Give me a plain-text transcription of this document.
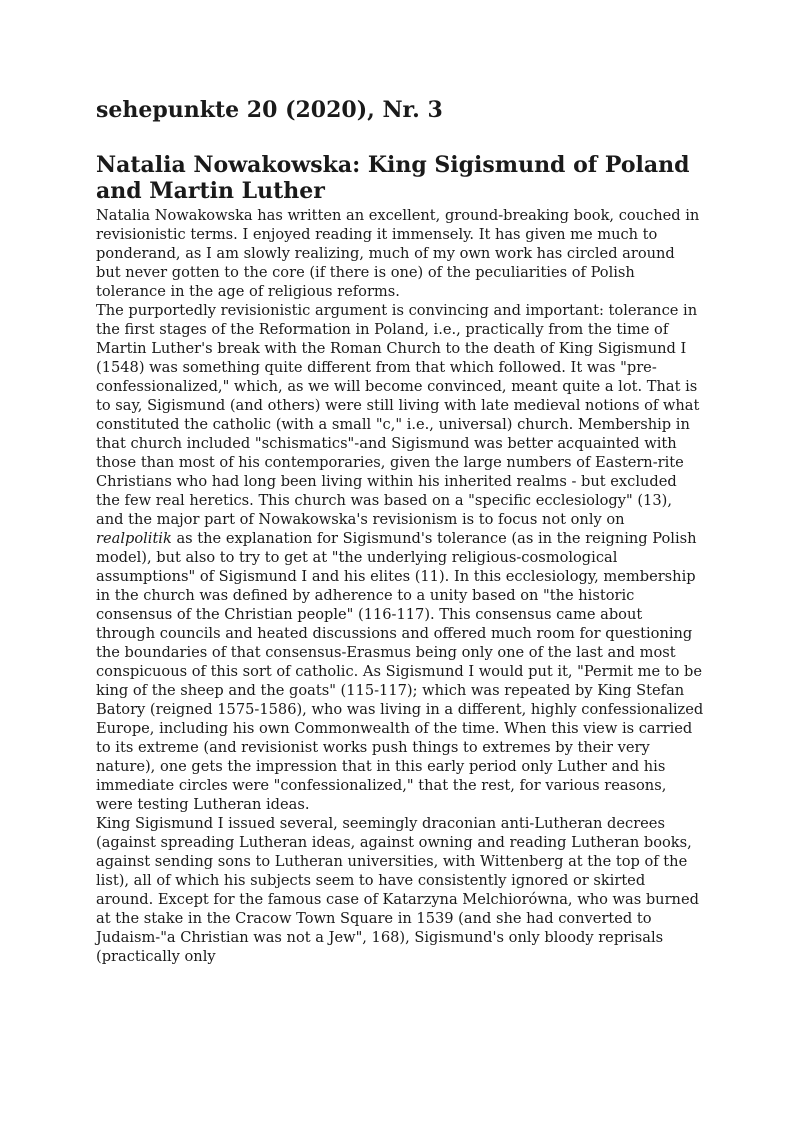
sehepunkte 20 (2020), Nr. 3
Natalia Nowakowska: King Sigismund of Poland and Martin Luther

Natalia Nowakowska has written an excellent, ground-breaking book, couched in revisionistic terms. I enjoyed reading it immensely. It has given me much to ponderand, as I am slowly realizing, much of my own work has circled around but never gotten to the core (if there is one) of the peculiarities of Polish tolerance in the age of religious reforms.

The purportedly revisionistic argument is convincing and important: tolerance in the first stages of the Reformation in Poland, i.e., practically from the time of Martin Luther's break with the Roman Church to the death of King Sigismund I (1548) was something quite different from that which followed. It was "pre-confessionalized," which, as we will become convinced, meant quite a lot. That is to say, Sigismund (and others) were still living with late medieval notions of what constituted the catholic (with a small "c," i.e., universal) church. Membership in that church included "schismatics"-and Sigismund was better acquainted with those than most of his contemporaries, given the large numbers of Eastern-rite Christians who had long been living within his inherited realms - but excluded the few real heretics. This church was based on a "specific ecclesiology" (13), and the major part of Nowakowska's revisionism is to focus not only on realpolitik as the explanation for Sigismund's tolerance (as in the reigning Polish model), but also to try to get at "the underlying religious-cosmological assumptions" of Sigismund I and his elites (11). In this ecclesiology, membership in the church was defined by adherence to a unity based on "the historic consensus of the Christian people" (116-117). This consensus came about through councils and heated discussions and offered much room for questioning the boundaries of that consensus-Erasmus being only one of the last and most conspicuous of this sort of catholic. As Sigismund I would put it, "Permit me to be king of the sheep and the goats" (115-117); which was repeated by King Stefan Batory (reigned 1575-1586), who was living in a different, highly confessionalized Europe, including his own Commonwealth of the time. When this view is carried to its extreme (and revisionist works push things to extremes by their very nature), one gets the impression that in this early period only Luther and his immediate circles were "confessionalized," that the rest, for various reasons, were testing Lutheran ideas.

King Sigismund I issued several, seemingly draconian anti-Lutheran decrees (against spreading Lutheran ideas, against owning and reading Lutheran books, against sending sons to Lutheran universities, with Wittenberg at the top of the list), all of which his subjects seem to have consistently ignored or skirted around. Except for the famous case of Katarzyna Melchiorówna, who was burned at the stake in the Cracow Town Square in 1539 (and she had converted to Judaism-"a Christian was not a Jew", 168), Sigismund's only bloody reprisals (practically only
